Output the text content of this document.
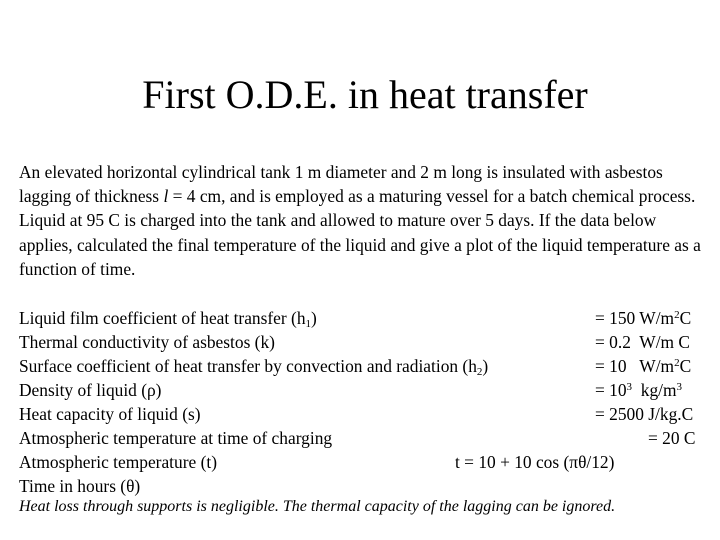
First O.D.E. in heat transfer

An elevated horizontal cylindrical tank 1 m diameter and 2 m long is insulated with asbestos lagging of thickness l = 4 cm, and is employed as a maturing vessel for a batch chemical process. Liquid at 95 C is charged into the tank and allowed to mature over 5 days. If the data below applies, calculated the final temperature of the liquid and give a plot of the liquid temperature as a function of time.

Liquid film coefficient of heat transfer $(h_1)$	= 150 $W/m^2C$
Thermal conductivity of asbestos (k)	= 0.2  W/m C
Surface coefficient of heat transfer by convection and radiation $(h_2)$	= 10   $W/m^2C$
Density of liquid (ρ)	= $10^3$  $kg/m^3$
Heat capacity of liquid (s)	= 2500 J/kg.C
Atmospheric temperature at time of charging	= 20 C
Atmospheric temperature (t)	t = 10 + 10 cos (πθ/12)
Time in hours (θ)

Heat loss through supports is negligible. The thermal capacity of the lagging can be ignored.
